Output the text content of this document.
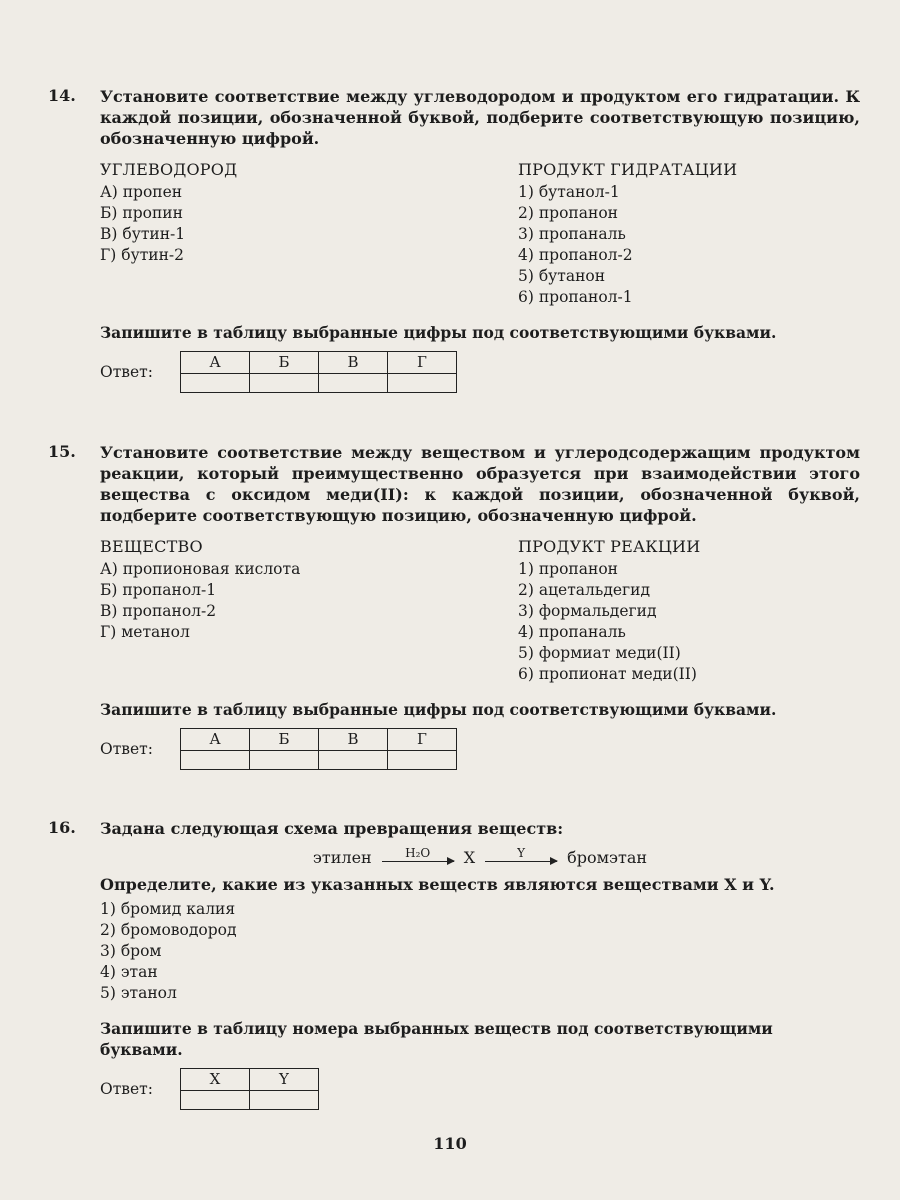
14.	Установите соответствие между углеводородом и продуктом его гидратации. К каждой позиции, обозначенной буквой, подберите соответствующую позицию, обозначенную цифрой.

УГЛЕВОДОРОД
А) пропен
Б) пропин
В) бутин-1
Г) бутин-2
ПРОДУКТ ГИДРАТАЦИИ
1) бутанол-1
2) пропанон
3) пропаналь
4) пропанол-2
5) бутанон
6) пропанол-1
Запишите в таблицу выбранные цифры под соответствующими буквами.
Ответ:
А	Б	В	Г

15.	Установите соответствие между веществом и углеродсодержащим продуктом реакции, который преимущественно образуется при взаимодействии этого вещества с оксидом меди(II): к каждой позиции, обозначенной буквой, подберите соответствующую позицию, обозначенную цифрой.

ВЕЩЕСТВО
А) пропионовая кислота
Б) пропанол-1
В) пропанол-2
Г) метанол
ПРОДУКТ РЕАКЦИИ
1) пропанон
2) ацетальдегид
3) формальдегид
4) пропаналь
5) формиат меди(II)
6) пропионат меди(II)
Запишите в таблицу выбранные цифры под соответствующими буквами.
Ответ:
А	Б	В	Г

16.	Задана следующая схема превращения веществ:

этилен	H₂O X	Y	бромэтан

Определите, какие из указанных веществ являются веществами X и Y.

1) бромид калия
2) бромоводород
3) бром
4) этан
5) этанол
Запишите в таблицу номера выбранных веществ под соответствующими буквами.
Ответ:
X	Y

110
